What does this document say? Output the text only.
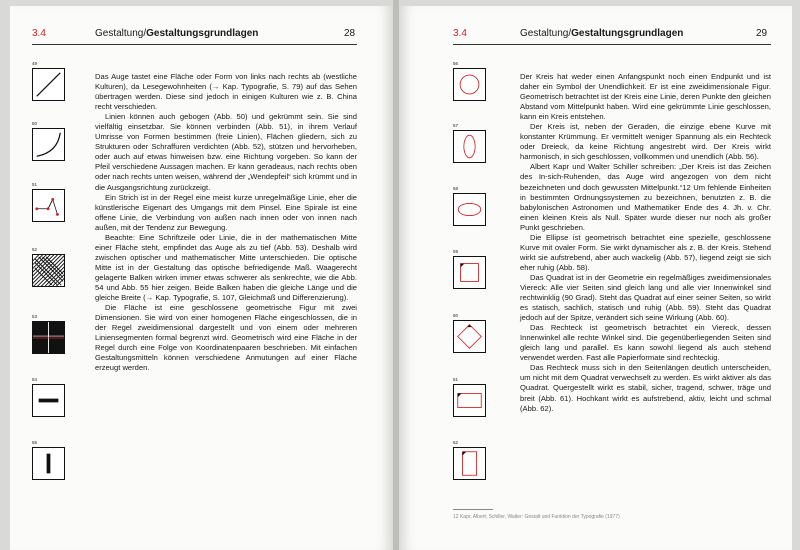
3.4	Gestaltung/Gestaltungsgrundlagen	28
49
50
51
52
53
54
55

Das Auge tastet eine Fläche oder Form von links nach rechts ab (westliche Kulturen), da Lesegewohnheiten (→ Kap. Typografie, S. 79) auf das Sehen übertragen werden. Diese sind jedoch in einigen Kulturen wie z. B. China recht verschieden.

Linien können auch gebogen (Abb. 50) und gekrümmt sein. Sie sind vielfältig einsetzbar. Sie können verbinden (Abb. 51), in ihrem Verlauf Umrisse von Formen bestimmen (freie Linien), Flächen gliedern, sich zu Strukturen oder Schraffuren verdichten (Abb. 52), stützen und hervorheben, oder auch auf etwas hinweisen bzw. eine Richtung vorgeben. So kann der Pfeil verschiedene Aussagen machen. Er kann geradeaus, nach rechts oben oder nach rechts unten weisen, während der „Wendepfeil“ sich krümmt und in die Ausgangsrichtung zurückzeigt.

Ein Strich ist in der Regel eine meist kurze unregelmäßige Linie, eher die künstlerische Eigenart des Umgangs mit dem Pinsel. Eine Spirale ist eine offene Linie, die Verbindung von außen nach innen oder von innen nach außen, mit der Tendenz zur Bewegung.

Beachte: Eine Schriftzeile oder Linie, die in der mathematischen Mitte einer Fläche steht, empfindet das Auge als zu tief (Abb. 53). Deshalb wird zwischen optischer und mathematischer Mitte unterschieden. Die optische Mitte ist in der Gestaltung das optische befriedigende Maß. Waagerecht gelagerte Balken wirken immer etwas schwerer als senkrechte, wie die Abb. 54 und Abb. 55 hier zeigen. Beide Balken haben die gleiche Länge und die gleiche Breite (→ Kap. Typografie, S. 107, Gleichmaß und Differenzierung).

Die Fläche ist eine geschlossene geometrische Figur mit zwei Dimensionen. Sie wird von einer homogenen Fläche eingeschlossen, die in der Regel zweidimensional dargestellt und von einem oder mehreren Liniensegmenten formal begrenzt wird. Geometrisch wird eine Fläche in der Regel durch eine Folge von Koordinatenpaaren beschrieben. Mit einfachen Gestaltungsmitteln können verschiedene Anmutungen auf einer Fläche erzeugt werden.

3.4	Gestaltung/Gestaltungsgrundlagen	29
56
57
58
59
60
61
62

Der Kreis hat weder einen Anfangspunkt noch einen Endpunkt und ist daher ein Symbol der Unendlichkeit. Er ist eine zweidimensionale Figur. Geometrisch betrachtet ist der Kreis eine Linie, deren Punkte den gleichen Abstand vom Mittelpunkt haben. Wird eine gekrümmte Linie geschlossen, kann ein Kreis entstehen.

Der Kreis ist, neben der Geraden, die einzige ebene Kurve mit konstanter Krümmung. Er vermittelt weniger Spannung als ein Rechteck oder Dreieck, da keine Richtung angestrebt wird. Der Kreis wirkt harmonisch, in sich geschlossen, vollkommen und unendlich (Abb. 56).

Albert Kapr und Walter Schiller schreiben: „Der Kreis ist das Zeichen des In-sich-Ruhenden, das Auge wird angezogen von dem nicht bezeichneten und doch gewussten Mittelpunkt.“12 Um fehlende Einheiten in bestimmten Ordnungssystemen zu bezeichnen, benutzten z. B. die babylonischen Astronomen und Mathematiker Ende des 4. Jh. v. Chr. einen kleinen Kreis als Null. Später wurde dieser nur noch als großer Punkt geschrieben.

Die Ellipse ist geometrisch betrachtet eine spezielle, geschlossene Kurve mit ovaler Form. Sie wirkt dynamischer als z. B. der Kreis. Stehend wirkt sie aufstrebend, aber auch wackelig (Abb. 57), liegend zeigt sie sich eher ruhig (Abb. 58).

Das Quadrat ist in der Geometrie ein regelmäßiges zweidimensionales Viereck: Alle vier Seiten sind gleich lang und alle vier Innenwinkel sind rechtwinklig (90 Grad). Steht das Quadrat auf einer seiner Seiten, so wirkt es statisch, sachlich, statisch und ruhig (Abb. 59). Steht das Quadrat jedoch auf der Spitze, verändert sich seine Wirkung (Abb. 60).

Das Rechteck ist geometrisch betrachtet ein Viereck, dessen Innenwinkel alle rechte Winkel sind. Die gegenüberliegenden Seiten sind gleich lang und parallel. Es kann sowohl liegend als auch stehend verwendet werden. Fast alle Papierformate sind rechteckig.

Das Rechteck muss sich in den Seitenlängen deutlich unterscheiden, um nicht mit dem Quadrat verwechselt zu werden. Es wirkt aktiver als das Quadrat. Quergestellt wirkt es stabil, sicher, tragend, schwer, träge und breit (Abb. 61). Hochkant wirkt es aufstrebend, aktiv, leicht und schmal (Abb. 62).

12 Kapr, Albert; Schiller, Walter: Gestalt und Funktion der Typografie (1977)
